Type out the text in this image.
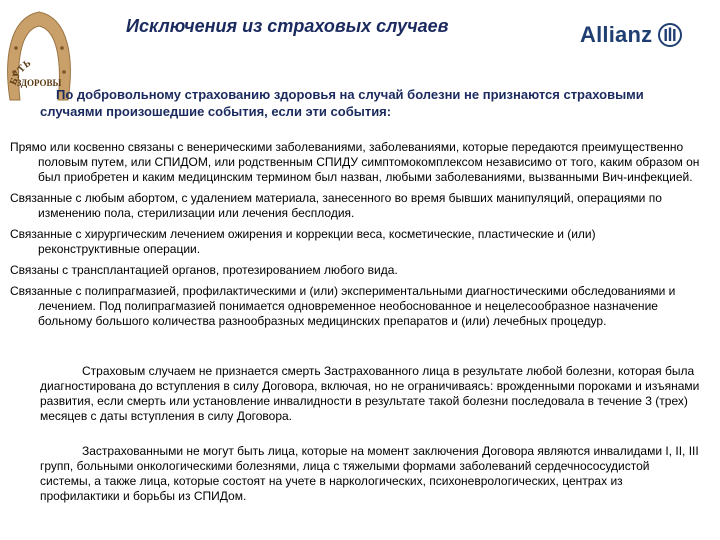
БУТЬ
ЗДОРОВЫ
Исключения из страховых случаев	Allianz
По добровольному страхованию здоровья на случай болезни не признаются страховыми
случаями произошедшие события, если эти события:
Прямо или косвенно связаны с венерическими заболеваниями, заболеваниями, которые передаются преимущественно половым путем, или СПИДОМ, или родственным СПИДУ симптомокомплексом независимо от того, каким образом он был приобретен и каким медицинским термином был назван, любыми заболеваниями, вызванными Вич-инфекцией.
Связанные с любым абортом, с удалением материала, занесенного во время бывших манипуляций, операциями по изменению пола, стерилизации или лечения бесплодия.
Связанные с хирургическим лечением ожирения и коррекции веса, косметические, пластические и (или) реконструктивные операции.
Связаны с трансплантацией органов, протезированием любого вида.
Связанные с полипрагмазией, профилактическими и (или) экспериментальными диагностическими обследованиями и лечением. Под полипрагмазией понимается одновременное необоснованное и нецелесообразное назначение больному большого количества разнообразных медицинских препаратов и (или) лечебных процедур.
Страховым случаем не признается смерть Застрахованного лица в результате любой болезни, которая была диагностирована до вступления в силу Договора, включая, но не ограничиваясь: врожденными пороками и изъянами развития, если смерть или установление инвалидности в результате такой болезни последовала в течение 3 (трех) месяцев с даты вступления в силу Договора.
Застрахованными не могут быть лица, которые на момент заключения Договора являются инвалидами I, II, III групп, больными онкологическими болезнями, лица с тяжелыми формами заболеваний сердечнососудистой системы, а также лица, которые состоят на учете в наркологических, психоневрологических, центрах из профилактики и борьбы из СПИДом.
